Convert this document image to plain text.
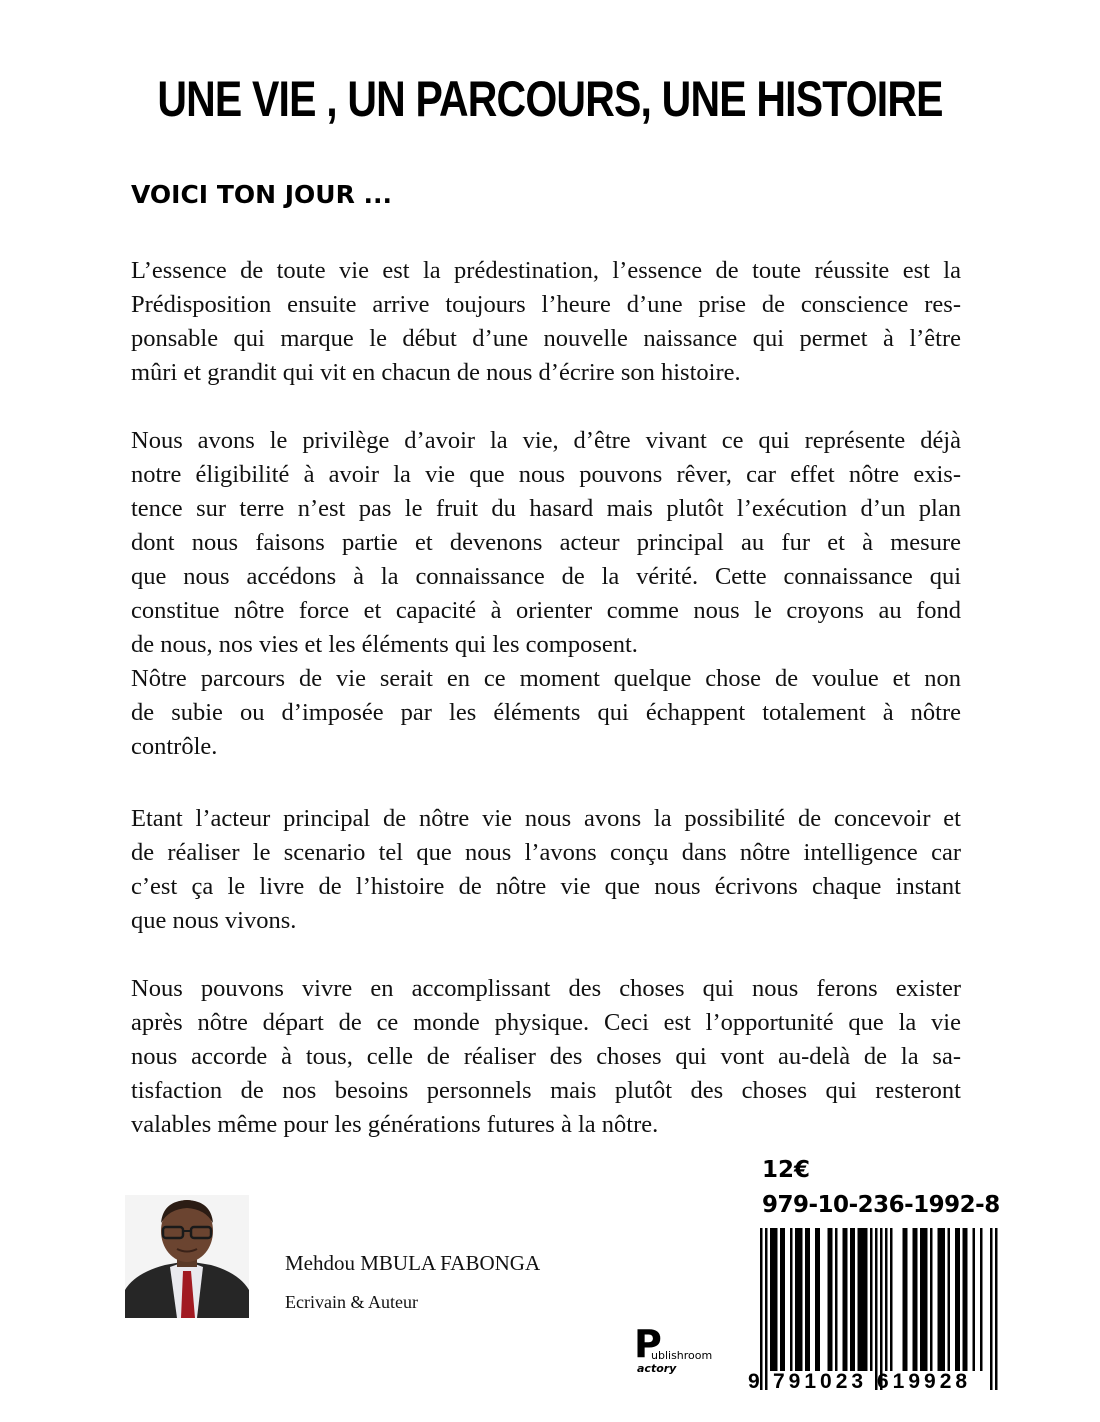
UNE VIE , UN PARCOURS, UNE HISTOIRE
VOICI TON JOUR ...
L’essence de toute vie est la prédestination, l’essence de toute réussite est la
Prédisposition ensuite arrive toujours l’heure d’une prise de conscience res-
ponsable qui marque le début d’une nouvelle naissance qui permet à l’être
mûri et grandit qui vit en chacun de nous d’écrire son histoire.
Nous avons le privilège d’avoir la vie, d’être vivant ce qui représente déjà
notre éligibilité à avoir la vie que nous pouvons rêver, car effet nôtre exis-
tence sur terre n’est pas le fruit du hasard mais plutôt l’exécution d’un plan
dont nous faisons partie et devenons acteur principal au fur et à mesure
que nous accédons à la connaissance de la vérité. Cette connaissance qui
constitue nôtre force et capacité à orienter comme nous le croyons au fond
de nous, nos vies et les éléments qui les composent.
Nôtre parcours de vie serait en ce moment quelque chose de voulue et non
de subie ou d’imposée par les éléments qui échappent totalement à nôtre
contrôle.
Etant l’acteur principal de nôtre vie nous avons la possibilité de concevoir et
de réaliser le scenario tel que nous l’avons conçu dans nôtre intelligence car
c’est ça le livre de l’histoire de nôtre vie que nous écrivons chaque instant
que nous vivons.
Nous pouvons vivre en accomplissant des choses qui nous ferons exister
après nôtre départ de ce monde physique. Ceci est l’opportunité que la vie
nous accorde à tous, celle de réaliser des choses qui vont au-delà de la sa-
tisfaction de nos besoins personnels mais plutôt des choses qui resteront
valables même pour les générations futures à la nôtre.
Mehdou MBULA FABONGA
Ecrivain & Auteur
P
ublishroom
actory
12€
979-10-236-1992-8
9 791023 619928
